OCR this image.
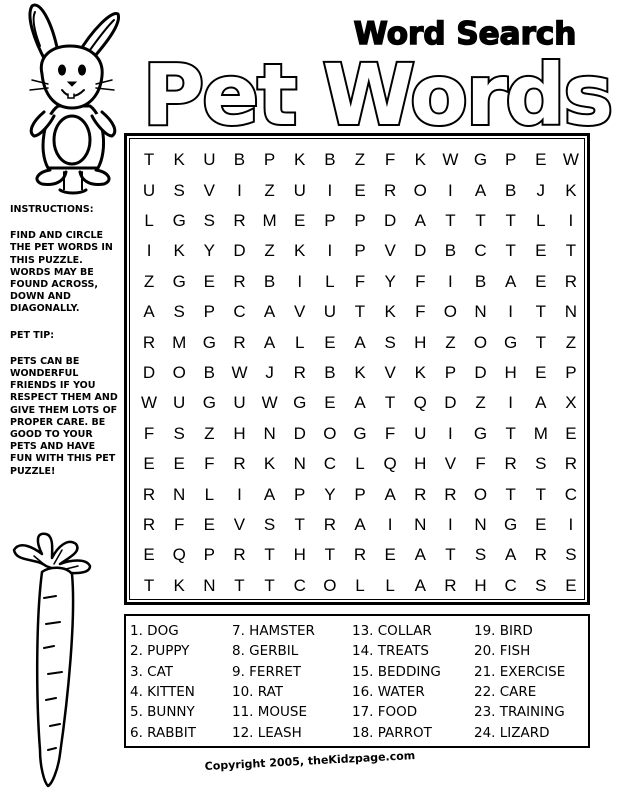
Word Search
Pet Words

INSTRUCTIONS:

FIND AND CIRCLE THE PET WORDS IN THIS PUZZLE. WORDS MAY BE FOUND ACROSS, DOWN AND DIAGONALLY.

PET TIP:

PETS CAN BE WONDERFUL FRIENDS IF YOU RESPECT THEM AND GIVE THEM LOTS OF PROPER CARE. BE GOOD TO YOUR PETS AND HAVE FUN WITH THIS PET PUZZLE!

T	K	U	B	P	K	B	Z	F	K W G	P	E W
U	S	V	I	Z	U	I	E	R	O	I	A	B	J	K
L	G	S	R M	E	P	P	D	A	T	T	T	L	I
I	K	Y	D	Z	K	I	P	V	D	B	C	T	E	T
Z	G	E	R	B	I	L	F	Y	F	I	B	A	E	R
A	S	P	C	A	V	U	T	K	F	O	N	I	T	N
R M G	R	A	L	E	A	S	H	Z	O G	T	Z
D	O	B W	J	R	B	K	V	K	P	D	H	E	P
W U	G	U W G	E	A	T	Q	D	Z	I	A	X
F	S	Z	H	N	D	O G	F	U	I	G	T	M	E
E	E	F	R	K	N	C	L	Q	H	V	F	R	S	R
R	N	L	I	A	P	Y	P	A	R	R	O	T	T	C
R	F	E	V	S	T	R	A	I	N	I	N	G	E	I
E	Q	P	R	T	H	T	R	E	A	T	S	A	R	S
T	K	N	T	T	C	O	L	L	A	R	H	C	S	E
1. DOG
2. PUPPY
3. CAT
4. KITTEN
5. BUNNY
6. RABBIT
7. HAMSTER
8. GERBIL
9. FERRET
10. RAT
11. MOUSE
12. LEASH
13. COLLAR
14. TREATS
15. BEDDING
16. WATER
17. FOOD
18. PARROT
19. BIRD
20. FISH
21. EXERCISE
22. CARE
23. TRAINING
24. LIZARD
Copyright 2005, theKidzpage.com
